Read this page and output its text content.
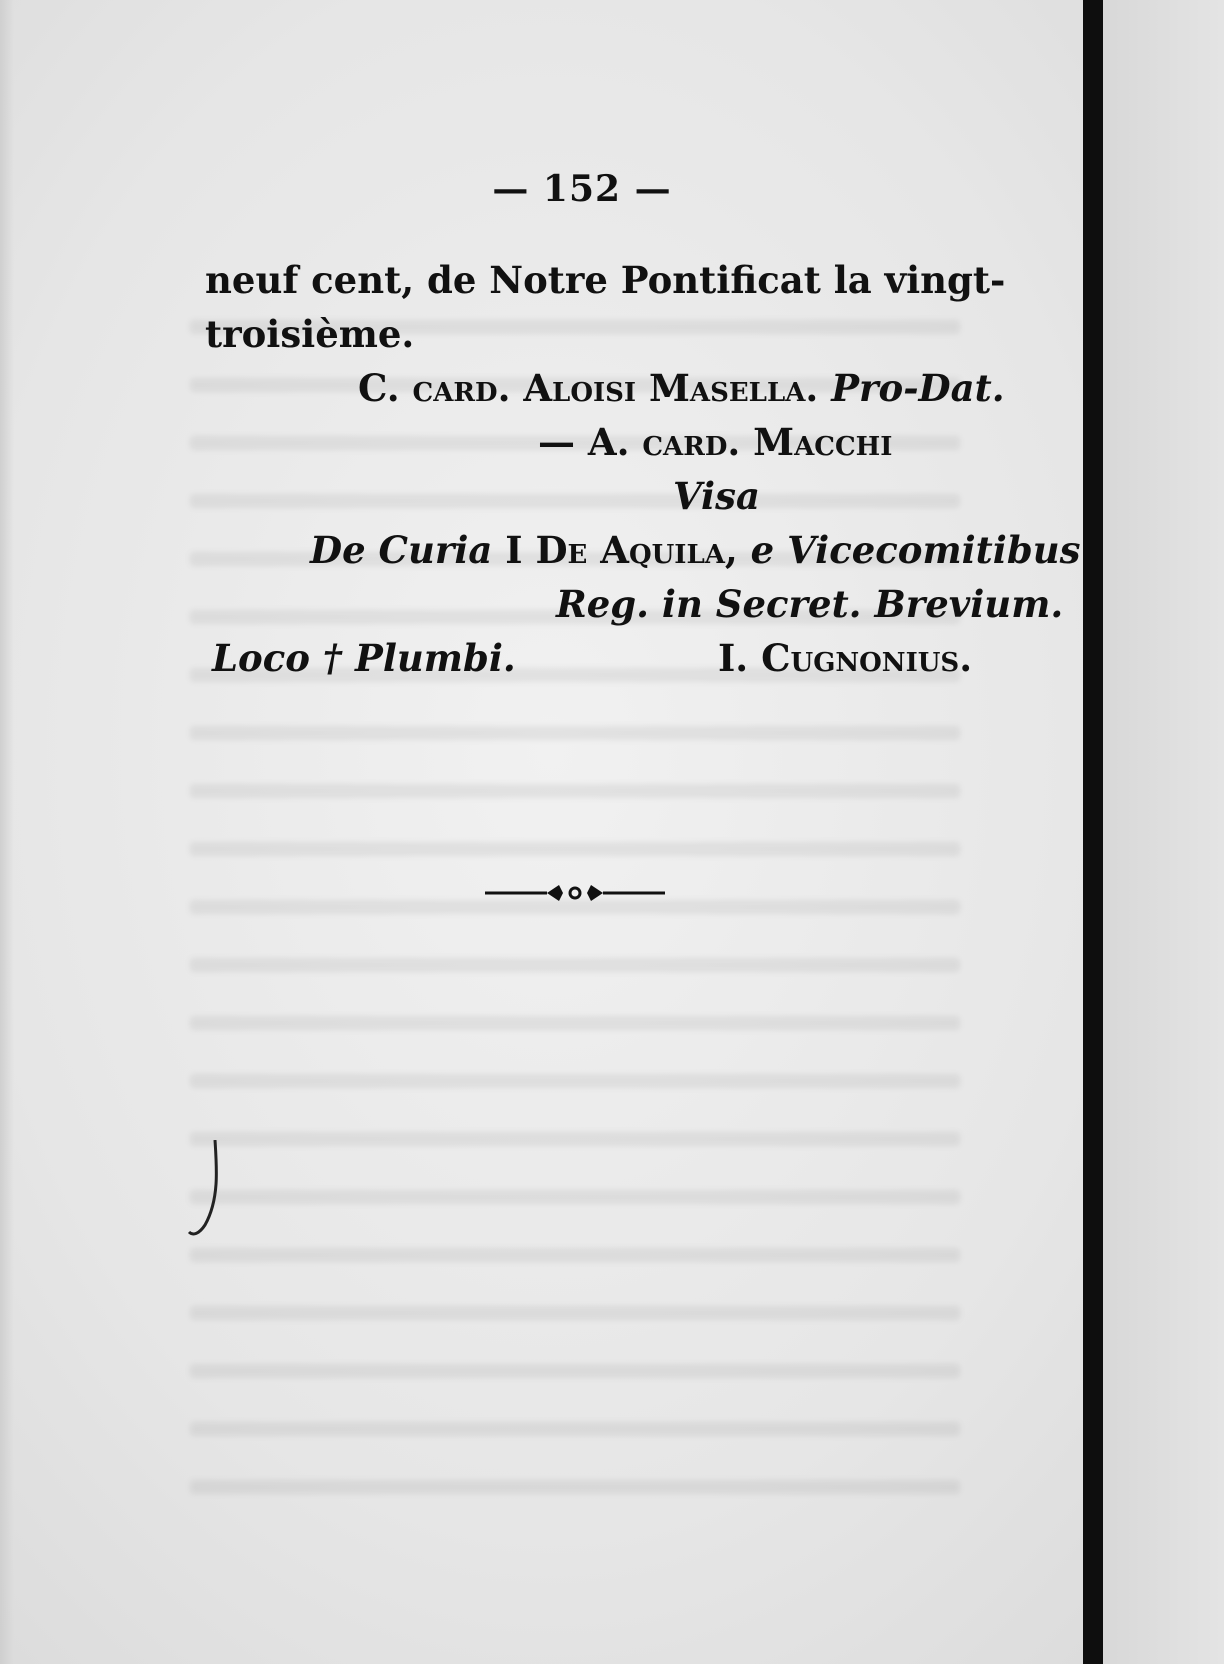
— 152 —
neuf cent, de Notre Pontificat la vingt-
troisième.
C. card. Aloisi Masella. Pro-Dat.
— A. card. Macchi
Visa
De Curia I De Aquila, e Vicecomitibus
Reg. in Secret. Brevium.
Loco † Plumbi.	I. Cugnonius.
